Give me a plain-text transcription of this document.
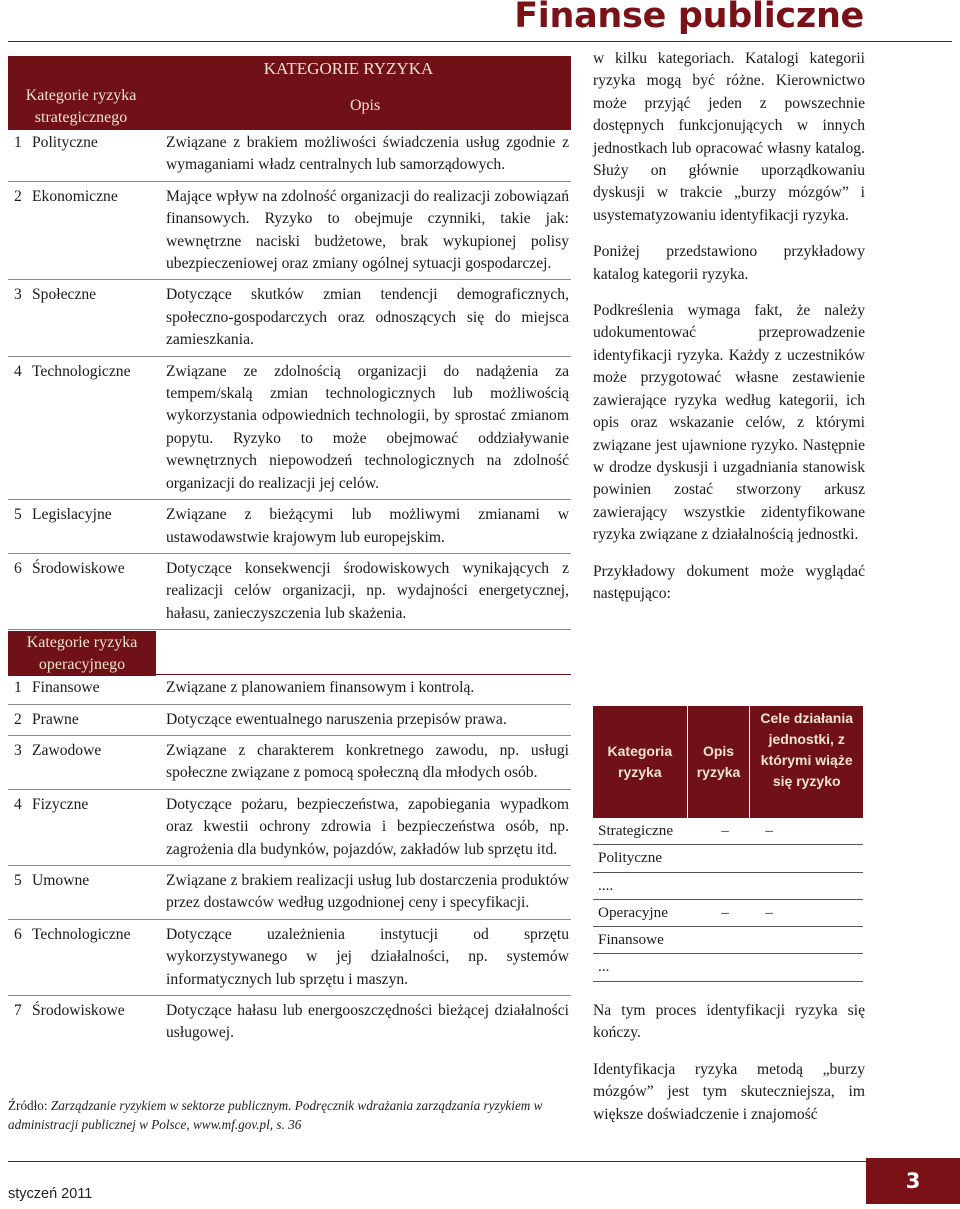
Finanse publiczne
KATEGORIE RYZYKA
Kategorie ryzyka strategicznego
Opis
1 Polityczne	Związane z brakiem możliwości świadczenia usług zgodnie z wymaganiami władz centralnych lub samorządowych.
2 Ekonomiczne	Mające wpływ na zdolność organizacji do realizacji zobowiązań finansowych. Ryzyko to obejmuje czynniki, takie jak: wewnętrzne naciski budżetowe, brak wykupionej polisy ubezpieczeniowej oraz zmiany ogólnej sytuacji gospodarczej.
3 Społeczne	Dotyczące skutków zmian tendencji demograficznych, społeczno-gospodarczych oraz odnoszących się do miejsca zamieszkania.
4 Technologiczne	Związane ze zdolnością organizacji do nadążenia za tempem/skalą zmian technologicznych lub możliwością wykorzystania odpowiednich technologii, by sprostać zmianom popytu. Ryzyko to może obejmować oddziaływanie wewnętrznych niepowodzeń technologicznych na zdolność organizacji do realizacji jej celów.
5 Legislacyjne	Związane z bieżącymi lub możliwymi zmianami w ustawodawstwie krajowym lub europejskim.
6 Środowiskowe	Dotyczące konsekwencji środowiskowych wynikających z realizacji celów organizacji, np. wydajności energetycznej, hałasu, zanieczyszczenia lub skażenia.
Kategorie ryzyka operacyjnego
1 Finansowe	Związane z planowaniem finansowym i kontrolą.
2 Prawne	Dotyczące ewentualnego naruszenia przepisów prawa.
3 Zawodowe	Związane z charakterem konkretnego zawodu, np. usługi społeczne związane z pomocą społeczną dla młodych osób.
4 Fizyczne	Dotyczące pożaru, bezpieczeństwa, zapobiegania wypadkom oraz kwestii ochrony zdrowia i bezpieczeństwa osób, np. zagrożenia dla budynków, pojazdów, zakładów lub sprzętu itd.
5 Umowne	Związane z brakiem realizacji usług lub dostarczenia produktów przez dostawców według uzgodnionej ceny i specyfikacji.
6 Technologiczne	Dotyczące uzależnienia instytucji od sprzętu wykorzystywanego w jej działalności, np. systemów informatycznych lub sprzętu i maszyn.
7 Środowiskowe	Dotyczące hałasu lub energooszczędności bieżącej działalności usługowej.
Źródło: Zarządzanie ryzykiem w sektorze publicznym. Podręcznik wdrażania zarządzania ryzykiem w administracji publicznej w Polsce, www.mf.gov.pl, s. 36

w kilku kategoriach. Katalogi kategorii ryzyka mogą być różne. Kierownictwo może przyjąć jeden z powszechnie dostępnych funkcjonujących w innych jednostkach lub opracować własny katalog. Służy on głównie uporządkowaniu dyskusji w trakcie „burzy mózgów” i usystematyzowaniu identyfikacji ryzyka.

Poniżej przedstawiono przykładowy katalog kategorii ryzyka.

Podkreślenia wymaga fakt, że należy udokumentować przeprowadzenie identyfikacji ryzyka. Każdy z uczestników może przygotować własne zestawienie zawierające ryzyka według kategorii, ich opis oraz wskazanie celów, z którymi związane jest ujawnione ryzyko. Następnie w drodze dyskusji i uzgadniania stanowisk powinien zostać stworzony arkusz zawierający wszystkie zidentyfikowane ryzyka związane z działalnością jednostki.

Przykładowy dokument może wyglądać następująco:

Kategoria ryzyka
Opis ryzyka
Cele działania jednostki, z którymi wiąże się ryzyko
Strategiczne	–	–
Polityczne
....
Operacyjne	–	–
Finansowe
...

Na tym proces identyfikacji ryzyka się kończy.

Identyfikacja ryzyka metodą „burzy mózgów” jest tym skuteczniejsza, im większe doświadczenie i znajomość

styczeń 2011
3
